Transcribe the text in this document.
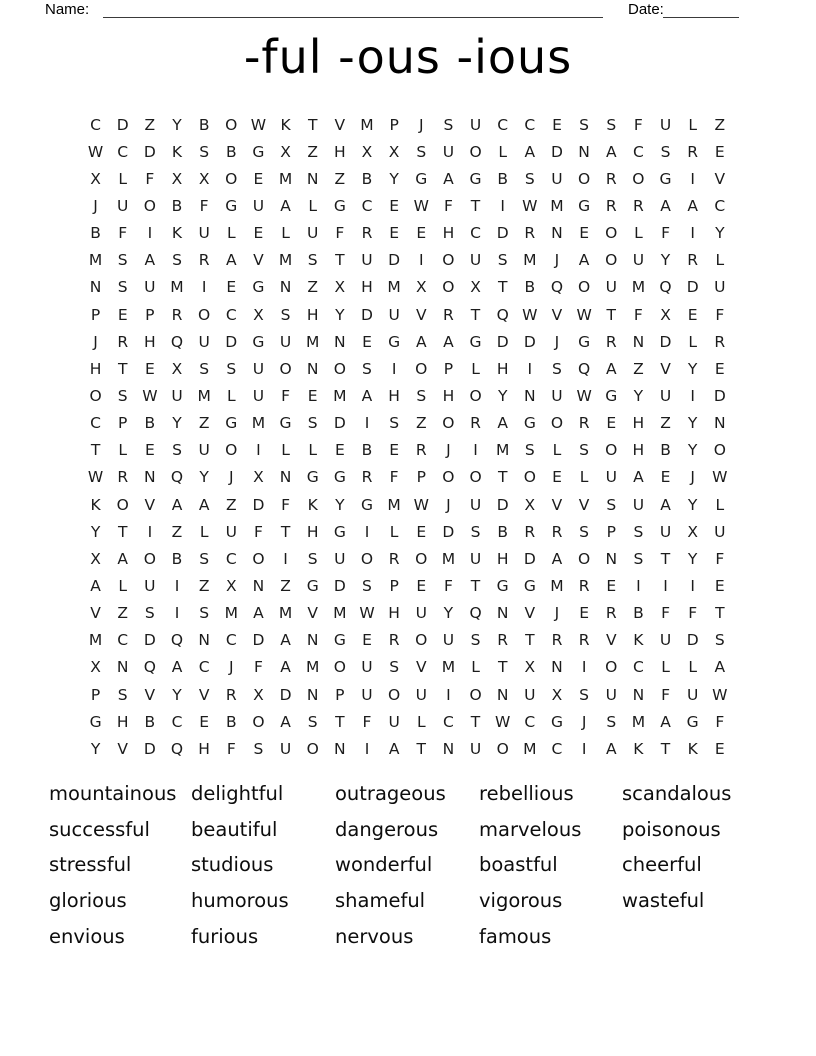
Name:	Date:
-ful -ous -ious
C	D	Z	Y	B	O W K	T	V M	P	J	S	U	C	C	E	S	S	F	U	L	Z
W C	D	K	S	B	G	X	Z	H	X	X	S	U O	L	A	D N	A	C	S	R	E
X	L	F	X	X	O	E	M N	Z	B	Y	G	A	G	B	S	U O	R	O G	I	V
J	U O	B	F	G U	A	L	G	C	E W F	T	I	W M G	R	R	A	A	C
B	F	I	K	U	L	E	L	U	F	R	E	E	H	C	D	R	N	E	O	L	F	I	Y
M	S	A	S	R	A	V M	S	T	U D	I	O U	S	M	J	A	O U	Y	R	L
N	S	U M	I	E	G N	Z	X	H M X	O	X	T	B	Q O U M Q D	U
P	E	P	R	O	C	X	S	H	Y	D	U	V	R	T	Q W V W T	F	X	E	F
J	R	H Q U D G U M N	E	G	A	A	G D D	J	G	R	N D	L	R
H	T	E	X	S	S	U O N O	S	I	O	P	L	H	I	S	Q	A	Z	V	Y	E
O	S W U M	L	U	F	E	M A	H	S	H O	Y	N	U W G	Y	U	I	D
C	P	B	Y	Z	G M G	S	D	I	S	Z	O	R	A	G O	R	E	H	Z	Y	N
T	L	E	S	U O	I	L	L	E	B	E	R	J	I	M	S	L	S	O H	B	Y	O
W R	N Q	Y	J	X	N G G	R	F	P	O O	T	O	E	L	U	A	E	J	W
K	O	V	A	A	Z	D	F	K	Y	G M W	J	U D	X	V	V	S	U	A	Y	L
Y	T	I	Z	L	U	F	T	H G	I	L	E	D	S	B	R	R	S	P	S	U	X	U
X	A	O	B	S	C	O	I	S	U O	R	O M U	H D	A	O N	S	T	Y	F
A	L	U	I	Z	X	N	Z	G D	S	P	E	F	T	G G M R	E	I	I	I	E
V	Z	S	I	S	M A M V M W H	U	Y	Q N	V	J	E	R	B	F	F	T
M C	D Q N	C	D	A	N G	E	R	O U	S	R	T	R	R	V	K	U D	S
X	N Q	A	C	J	F	A M O U	S	V M	L	T	X	N	I	O	C	L	L	A
P	S	V	Y	V	R	X	D N	P	U O U	I	O N	U	X	S	U	N	F	U W
G H	B	C	E	B	O	A	S	T	F	U	L	C	T W C	G	J	S	M A	G	F
Y	V	D Q H	F	S	U O N	I	A	T	N	U O M C	I	A	K	T	K	E
mountainous
successful
stressful
glorious
envious
delightful
beautiful
studious
humorous
furious
outrageous
dangerous
wonderful
shameful
nervous
rebellious
marvelous
boastful
vigorous
famous
scandalous
poisonous
cheerful
wasteful
